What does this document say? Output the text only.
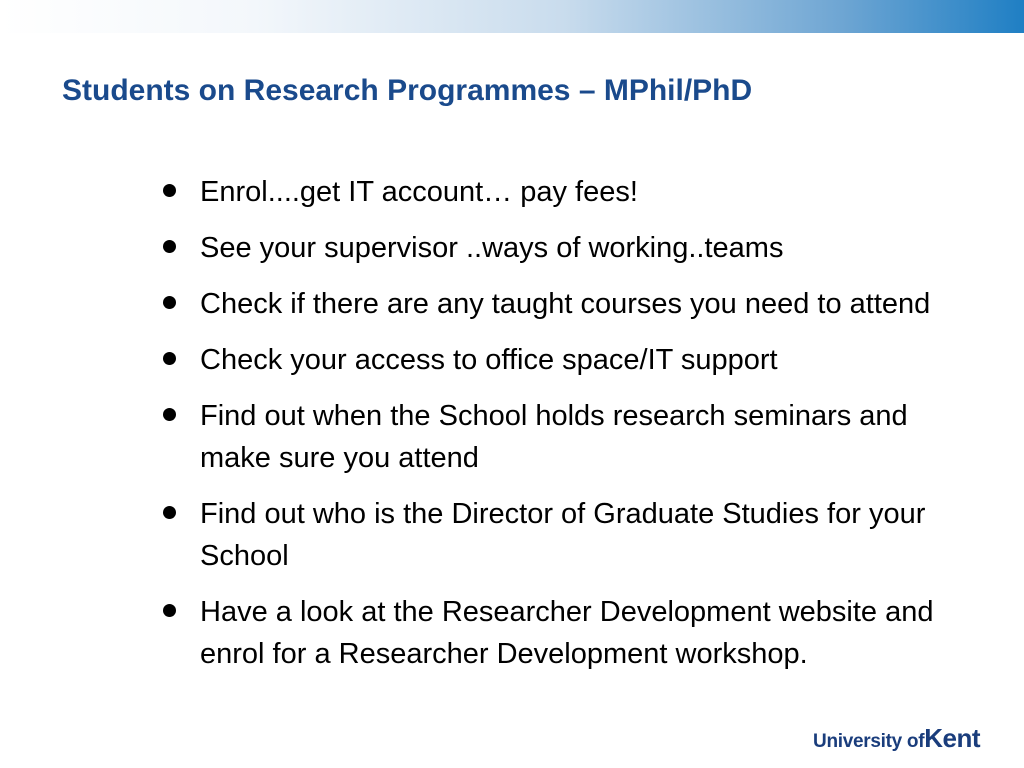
Students on Research Programmes – MPhil/PhD
Enrol....get IT account… pay fees!
See your supervisor ..ways of working..teams
Check if there are any taught courses you need to attend
Check your access to office space/IT support
Find out when the School holds research seminars and make sure you attend
Find out who is the Director of Graduate Studies for your School
Have a look at the Researcher Development website and enrol for a Researcher Development workshop.
University of Kent
